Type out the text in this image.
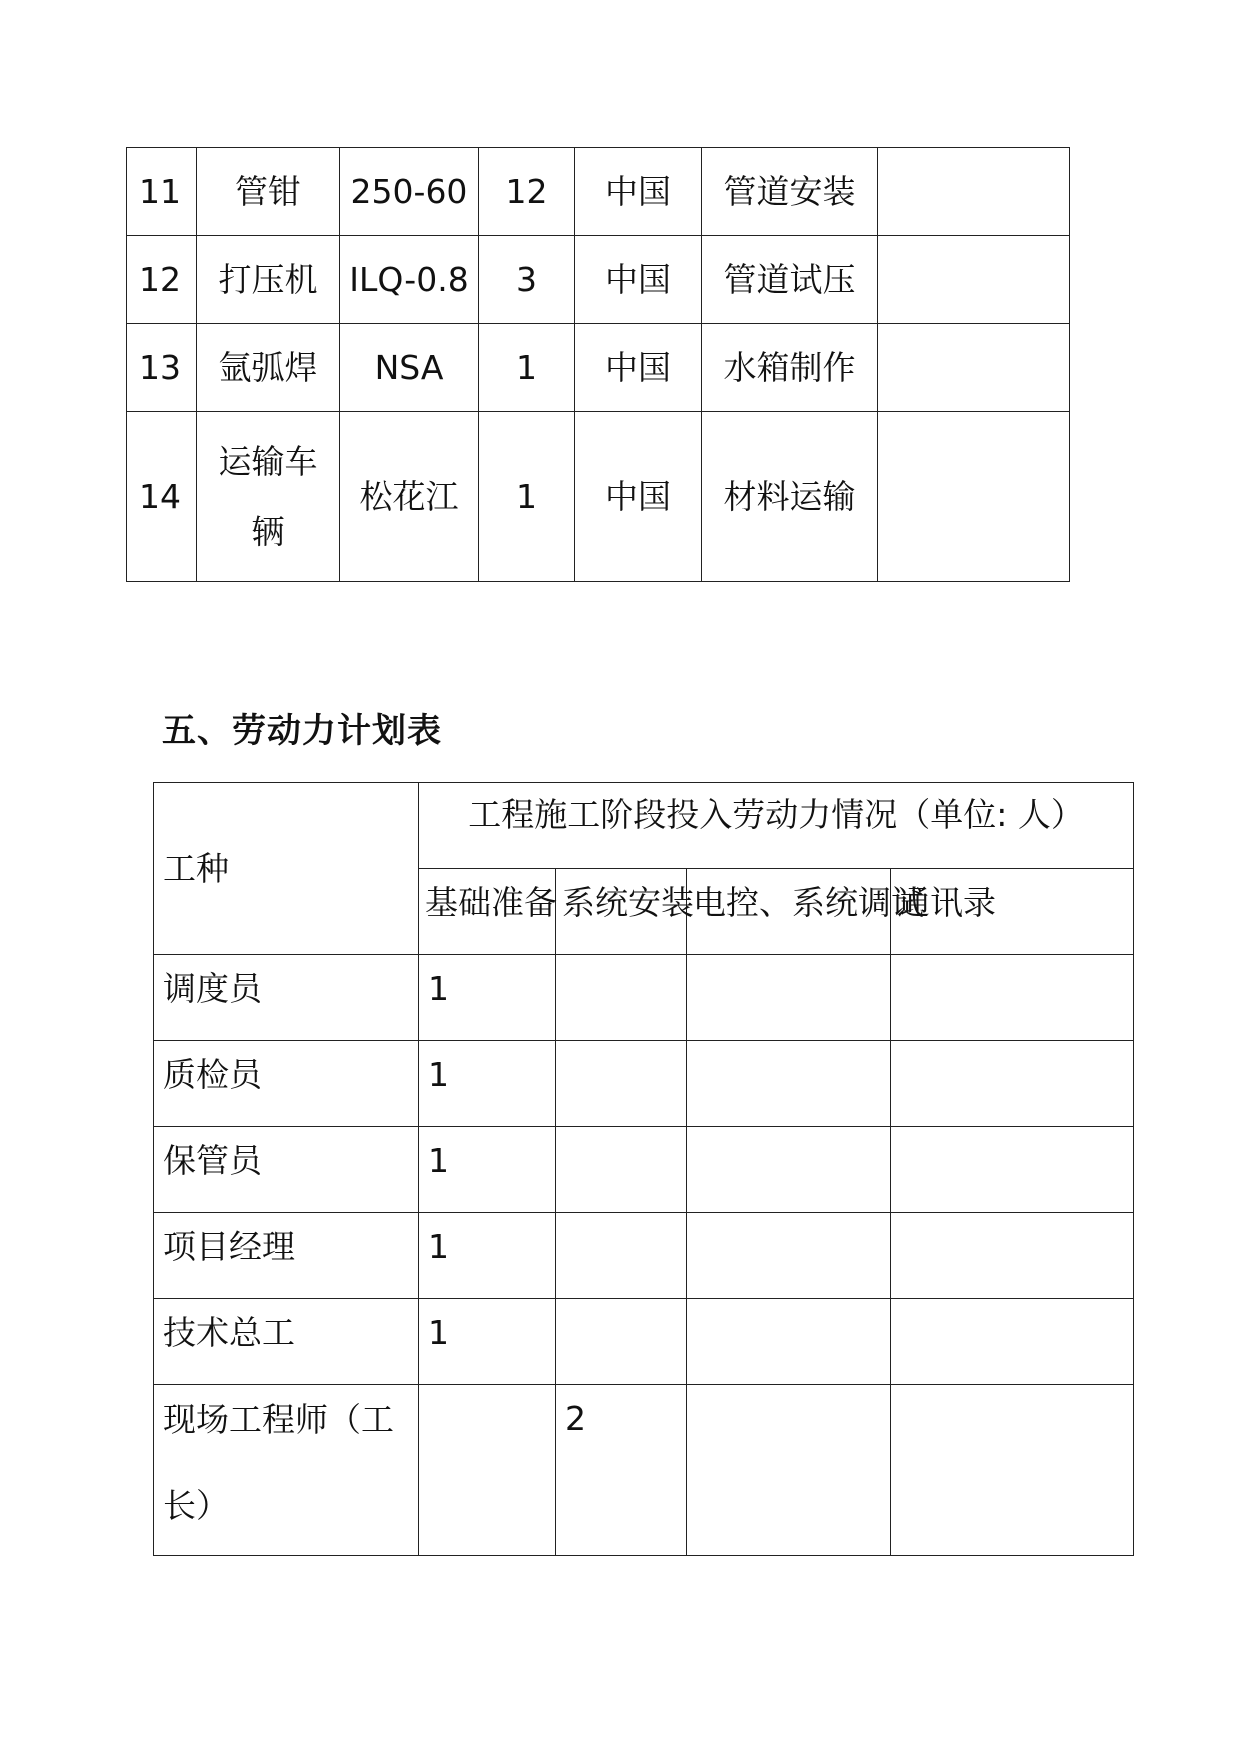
11	管钳	250-60	12	中国	管道安装	
12	打压机	ILQ-0.8	3	中国	管道试压	
13	氩弧焊	NSA	1	中国	水箱制作	
14	运输车辆	松花江	1	中国	材料运输	
五、劳动力计划表
工种	工程施工阶段投入劳动力情况（单位: 人）			
	基础准备	系统安装	电控、系统调试	通讯录
调度员	1			
质检员	1			
保管员	1			
项目经理	1			
技术总工	1			

现场工程师（工长）		2		
